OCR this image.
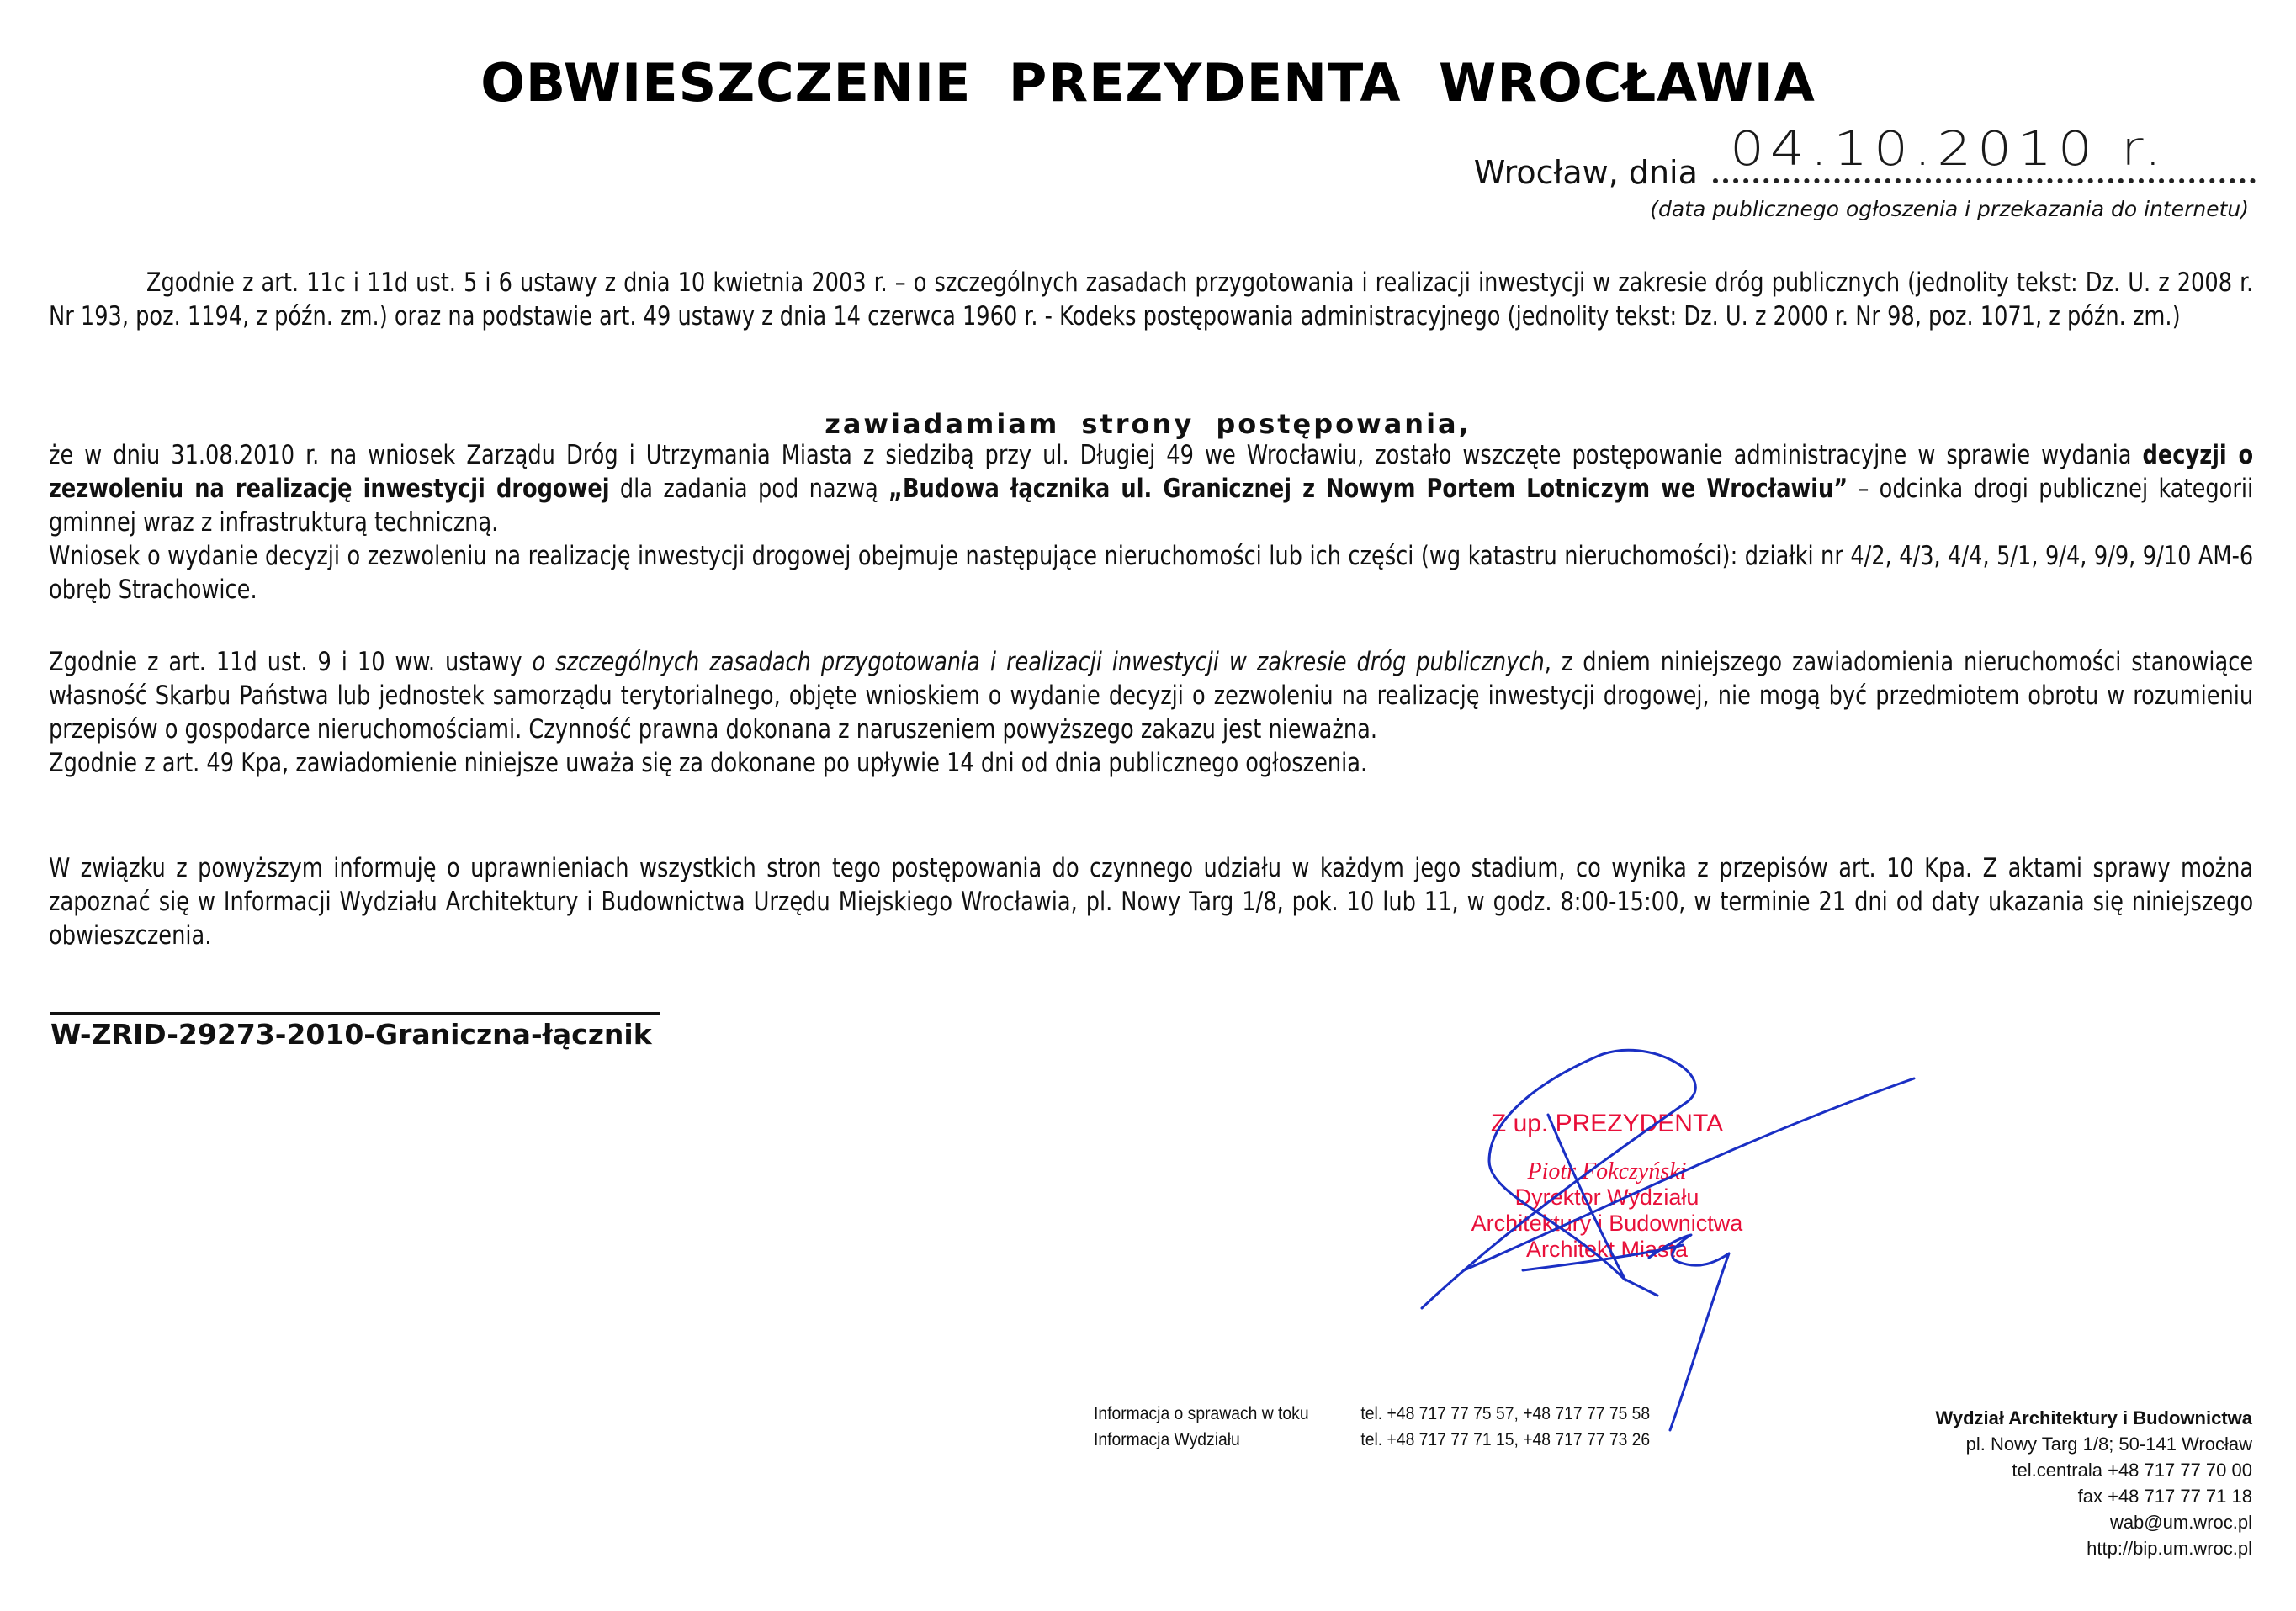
OBWIESZCZENIE PREZYDENTA WROCŁAWIA
Wrocław, dnia 04.10.2010 r.
(data publicznego ogłoszenia i przekazania do internetu)

Zgodnie z art. 11c i 11d ust. 5 i 6 ustawy z dnia 10 kwietnia 2003 r. – o szczególnych zasadach przygotowania i realizacji inwestycji w zakresie dróg publicznych (jednolity tekst: Dz. U. z 2008 r. Nr 193, poz. 1194, z późn. zm.) oraz na podstawie art. 49 ustawy z dnia 14 czerwca 1960 r. - Kodeks postępowania administracyjnego (jednolity tekst: Dz. U. z 2000 r. Nr 98, poz. 1071, z późn. zm.)

zawiadamiam strony postępowania,

że w dniu 31.08.2010 r. na wniosek Zarządu Dróg i Utrzymania Miasta z siedzibą przy ul. Długiej 49 we Wrocławiu, zostało wszczęte postępowanie administracyjne w sprawie wydania decyzji o zezwoleniu na realizację inwestycji drogowej dla zadania pod nazwą „Budowa łącznika ul. Granicznej z Nowym Portem Lotniczym we Wrocławiu” – odcinka drogi publicznej kategorii gminnej wraz z infrastrukturą techniczną.

Wniosek o wydanie decyzji o zezwoleniu na realizację inwestycji drogowej obejmuje następujące nieruchomości lub ich części (wg katastru nieruchomości): działki nr 4/2, 4/3, 4/4, 5/1, 9/4, 9/9, 9/10 AM-6 obręb Strachowice.

Zgodnie z art. 11d ust. 9 i 10 ww. ustawy o szczególnych zasadach przygotowania i realizacji inwestycji w zakresie dróg publicznych, z dniem niniejszego zawiadomienia nieruchomości stanowiące własność Skarbu Państwa lub jednostek samorządu terytorialnego, objęte wnioskiem o wydanie decyzji o zezwoleniu na realizację inwestycji drogowej, nie mogą być przedmiotem obrotu w rozumieniu przepisów o gospodarce nieruchomościami. Czynność prawna dokonana z naruszeniem powyższego zakazu jest nieważna.

Zgodnie z art. 49 Kpa, zawiadomienie niniejsze uważa się za dokonane po upływie 14 dni od dnia publicznego ogłoszenia.

W związku z powyższym informuję o uprawnieniach wszystkich stron tego postępowania do czynnego udziału w każdym jego stadium, co wynika z przepisów art. 10 Kpa. Z aktami sprawy można zapoznać się w Informacji Wydziału Architektury i Budownictwa Urzędu Miejskiego Wrocławia, pl. Nowy Targ 1/8, pok. 10 lub 11, w godz. 8:00-15:00, w terminie 21 dni od daty ukazania się niniejszego obwieszczenia.

W-ZRID-29273-2010-Graniczna-łącznik
Z up. PREZYDENTA
Piotr Fokczyński
Dyrektor Wydziału
Architektury i Budownictwa
Architekt Miasta
Informacja o sprawach w toku	tel. +48 717 77 75 57, +48 717 77 75 58
Informacja Wydziału	tel. +48 717 77 71 15, +48 717 77 73 26
Wydział Architektury i Budownictwa
pl. Nowy Targ 1/8; 50-141 Wrocław
tel.centrala +48 717 77 70 00
fax +48 717 77 71 18
wab@um.wroc.pl
http://bip.um.wroc.pl
